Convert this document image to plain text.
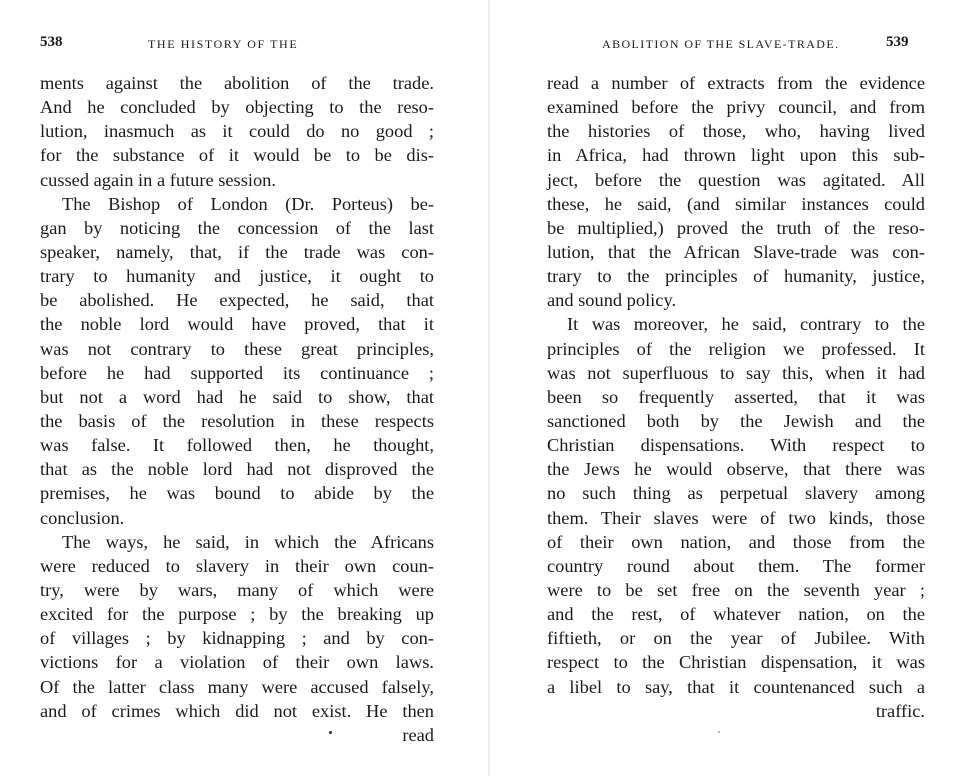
538	THE HISTORY OF THE
ments against the abolition of the trade.
And he concluded by objecting to the reso-
lution, inasmuch as it could do no good ;
for the substance of it would be to be dis-
cussed again in a future session.
The Bishop of London (Dr. Porteus) be-
gan by noticing the concession of the last
speaker, namely, that, if the trade was con-
trary to humanity and justice, it ought to
be abolished. He expected, he said, that
the noble lord would have proved, that it
was not contrary to these great principles,
before he had supported its continuance ;
but not a word had he said to show, that
the basis of the resolution in these respects
was false. It followed then, he thought,
that as the noble lord had not disproved the
premises, he was bound to abide by the
conclusion.
The ways, he said, in which the Africans
were reduced to slavery in their own coun-
try, were by wars, many of which were
excited for the purpose ; by the breaking up
of villages ; by kidnapping ; and by con-
victions for a violation of their own laws.
Of the latter class many were accused falsely,
and of crimes which did not exist. He then
read
ABOLITION OF THE SLAVE-TRADE.	539
read a number of extracts from the evidence
examined before the privy council, and from
the histories of those, who, having lived
in Africa, had thrown light upon this sub-
ject, before the question was agitated. All
these, he said, (and similar instances could
be multiplied,) proved the truth of the reso-
lution, that the African Slave-trade was con-
trary to the principles of humanity, justice,
and sound policy.
It was moreover, he said, contrary to the
principles of the religion we professed. It
was not superfluous to say this, when it had
been so frequently asserted, that it was
sanctioned both by the Jewish and the
Christian dispensations. With respect to
the Jews he would observe, that there was
no such thing as perpetual slavery among
them. Their slaves were of two kinds, those
of their own nation, and those from the
country round about them. The former
were to be set free on the seventh year ;
and the rest, of whatever nation, on the
fiftieth, or on the year of Jubilee. With
respect to the Christian dispensation, it was
a libel to say, that it countenanced such a
traffic.
